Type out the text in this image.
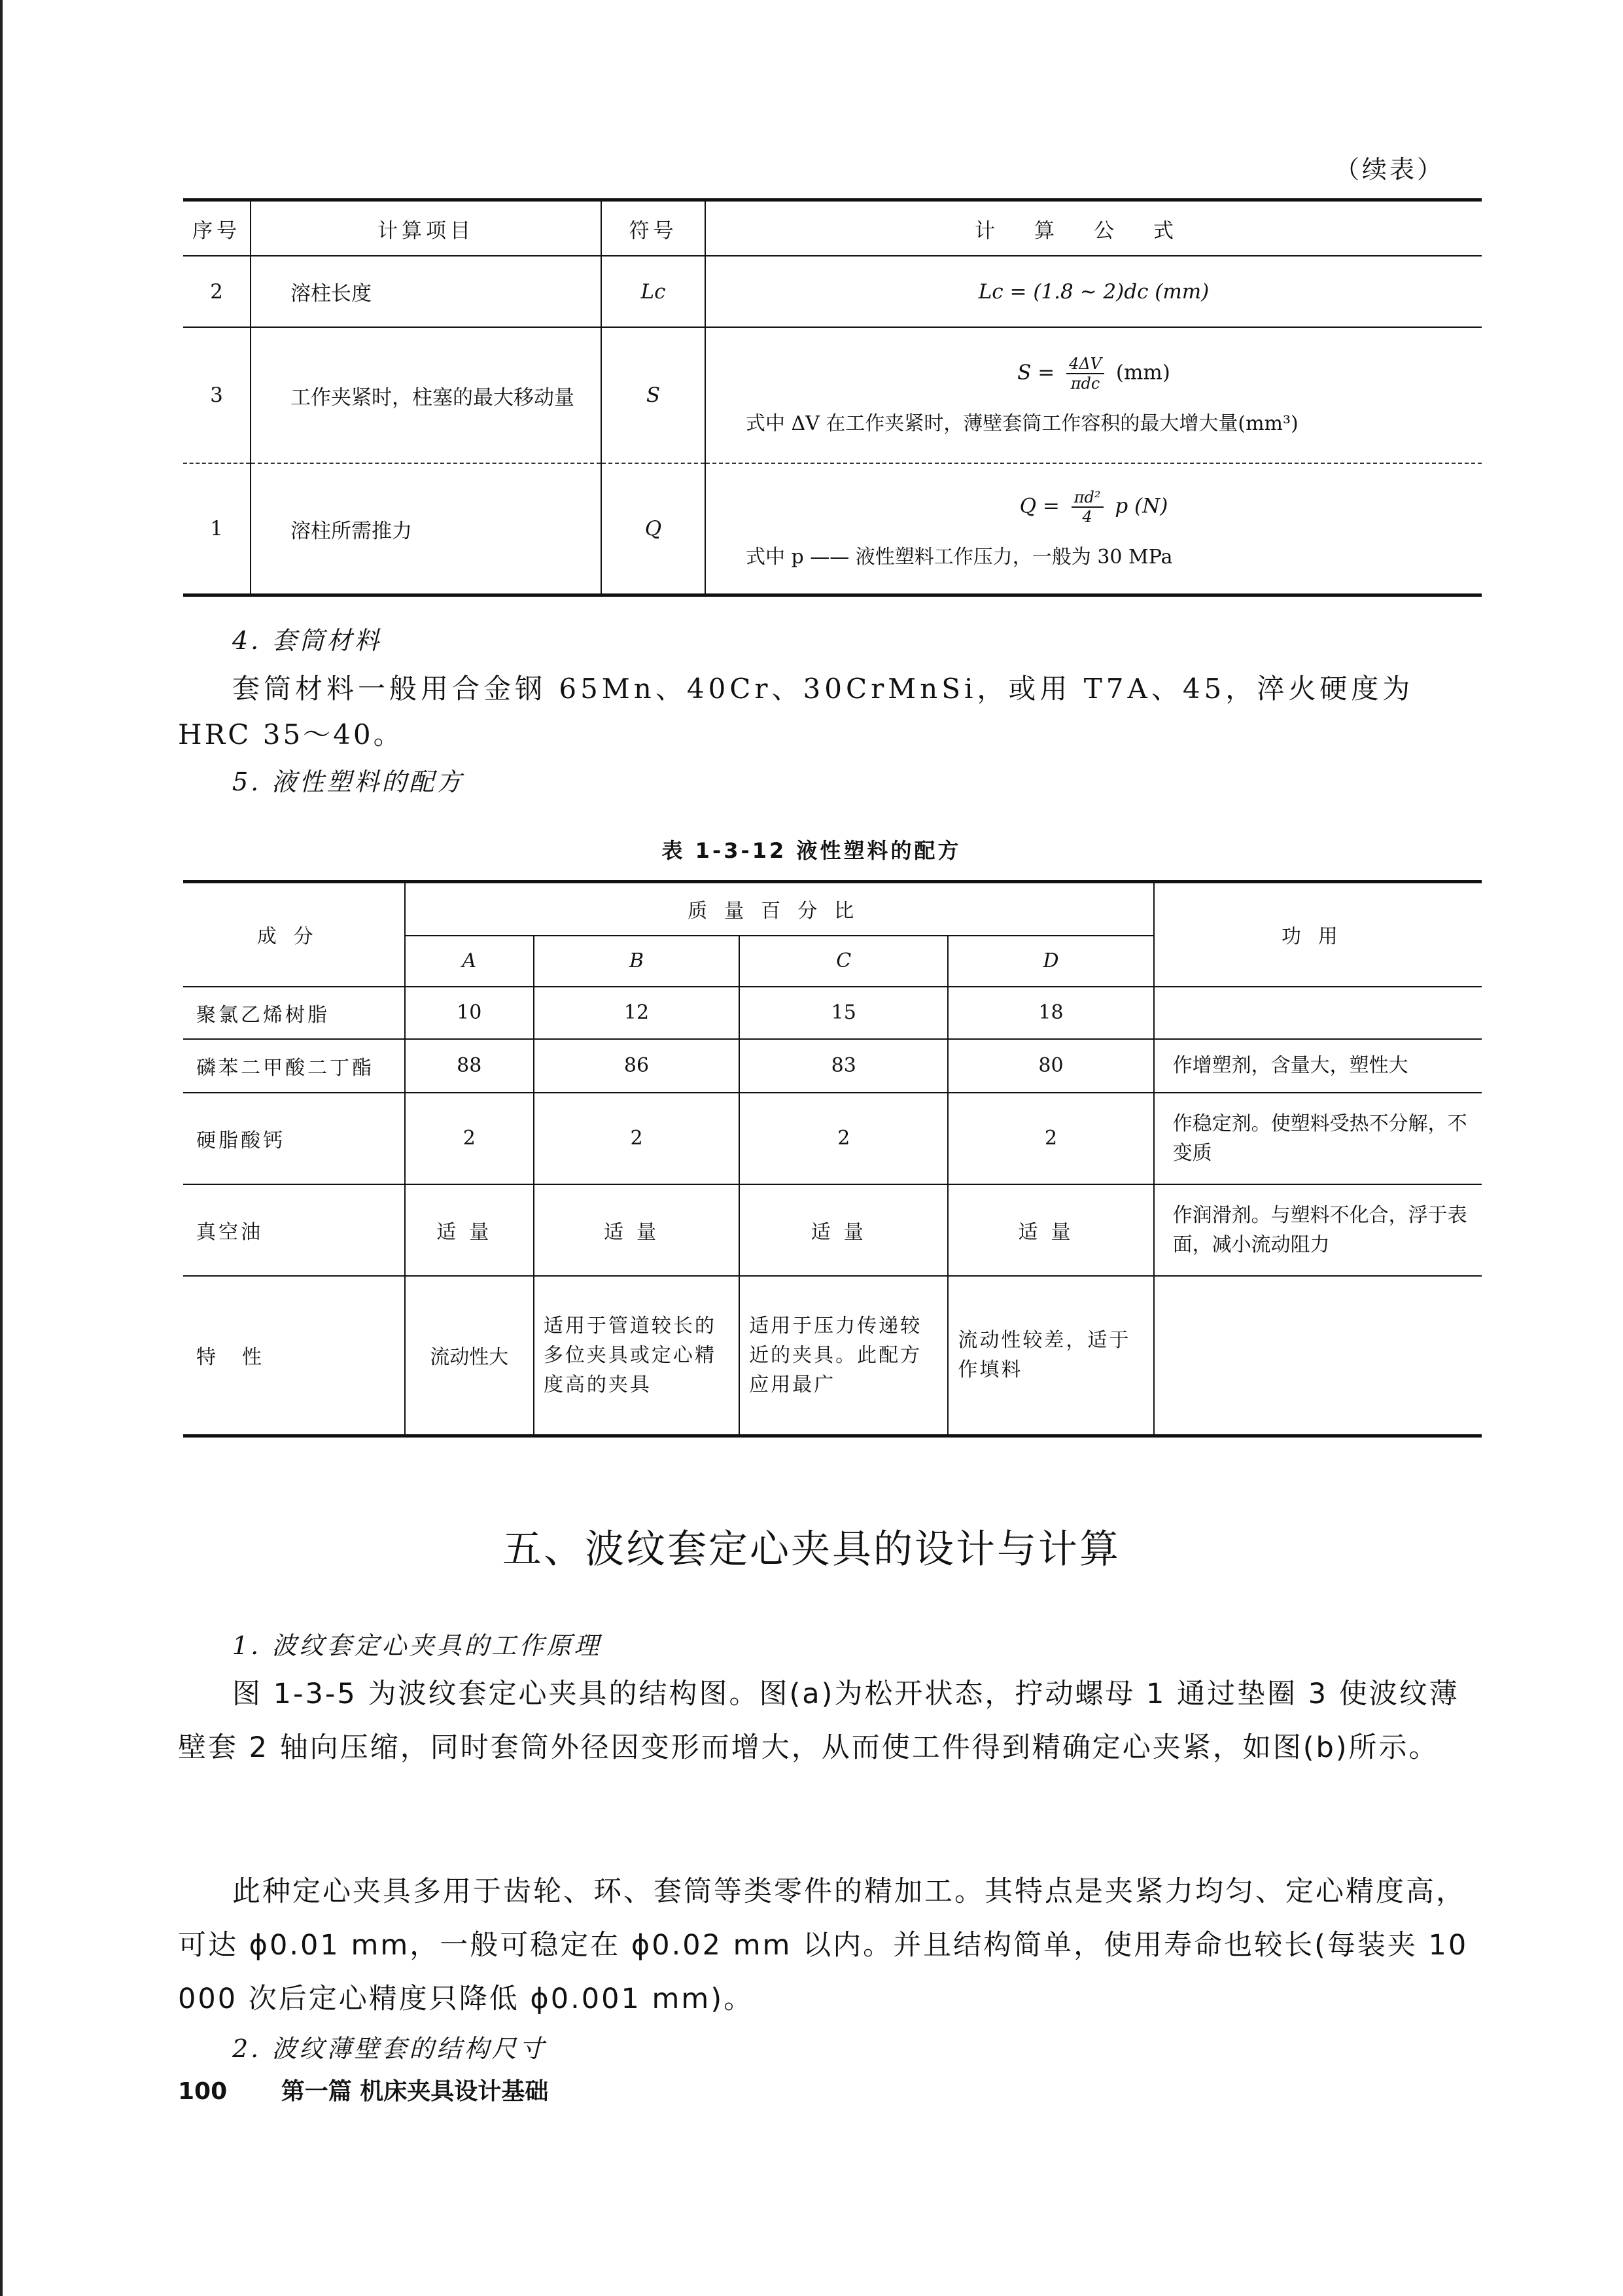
（续表）
序号	计算项目	符号	计算公式
2	溶柱长度	Lc	Lc = (1.8 ~ 2)dc (mm)
3	工作夹紧时，柱塞的最大移动量	S	$S = \frac{4\Delta V}{\text{πdc}} (mm)$
式中 ΔV 在工作夹紧时，薄壁套筒工作容积的最大增大量(mm³)

1	溶柱所需推力	Q	$Q = \frac{\text{πd²}}{4}$ p (N)
式中 p —— 液性塑料工作压力，一般为 30 MPa
4. 套筒材料
套筒材料一般用合金钢 65Mn、40Cr、30CrMnSi，或用 T7A、45，淬火硬度为
HRC 35～40。
5. 液性塑料的配方
表 1-3-12 液性塑料的配方
成分	质量百分比				功用
	A	B	C	D	
聚氯乙烯树脂	10	12	15	18	
磷苯二甲酸二丁酯	88	86	83	80	作增塑剂，含量大，塑性大
硬脂酸钙	2	2	2	2	作稳定剂。使塑料受热不分解，不变质
真空油	适量	适量	适量	适量	作润滑剂。与塑料不化合，浮于表面，减小流动阻力
特性	流动性大	适用于管道较长的多位夹具或定心精度高的夹具	适用于压力传递较近的夹具。此配方应用最广	流动性较差，适于作填料	
五、波纹套定心夹具的设计与计算
1. 波纹套定心夹具的工作原理
图 1-3-5 为波纹套定心夹具的结构图。图(a)为松开状态，拧动螺母 1 通过垫圈 3 使波纹薄壁套 2 轴向压缩，同时套筒外径因变形而增大，从而使工件得到精确定心夹紧，如图(b)所示。
此种定心夹具多用于齿轮、环、套筒等类零件的精加工。其特点是夹紧力均匀、定心精度高，可达 ϕ0.01 mm，一般可稳定在 ϕ0.02 mm 以内。并且结构简单，使用寿命也较长(每装夹 10 000 次后定心精度只降低 ϕ0.001 mm)。
2. 波纹薄壁套的结构尺寸
100 第一篇 机床夹具设计基础
